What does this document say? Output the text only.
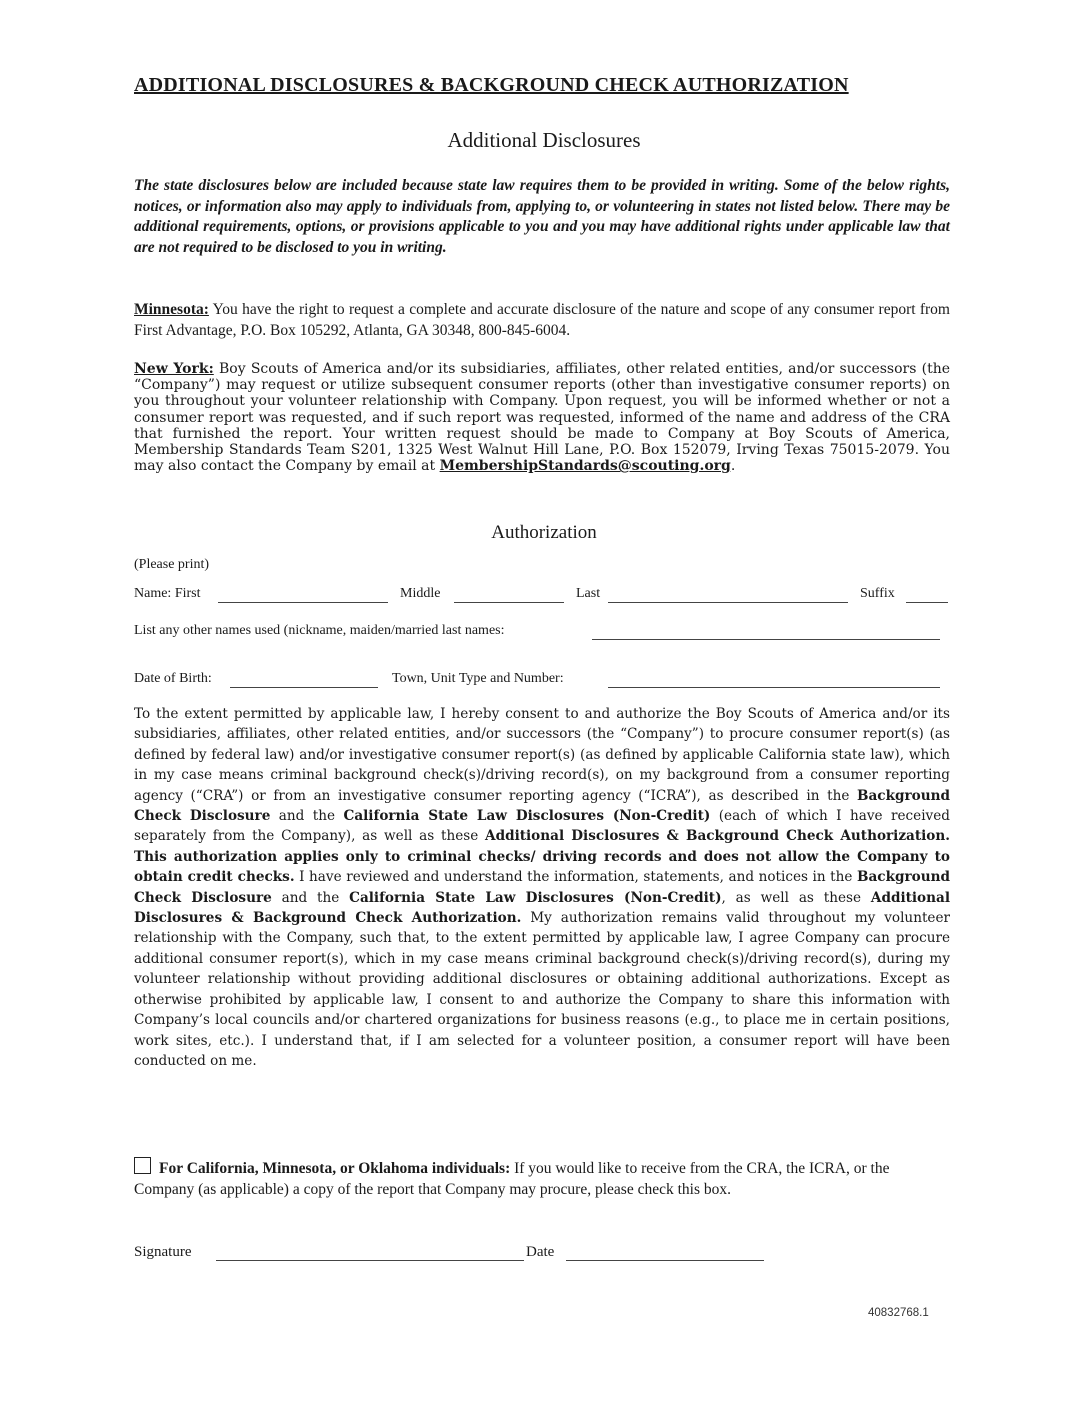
ADDITIONAL DISCLOSURES & BACKGROUND CHECK AUTHORIZATION
Additional Disclosures

The state disclosures below are included because state law requires them to be provided in writing. Some of the below rights, notices, or information also may apply to individuals from, applying to, or volunteering in states not listed below. There may be additional requirements, options, or provisions applicable to you and you may have additional rights under applicable law that are not required to be disclosed to you in writing.

Minnesota: You have the right to request a complete and accurate disclosure of the nature and scope of any consumer report from First Advantage, P.O. Box 105292, Atlanta, GA 30348, 800-845-6004.

New York: Boy Scouts of America and/or its subsidiaries, affiliates, other related entities, and/or successors (the “Company”) may request or utilize subsequent consumer reports (other than investigative consumer reports) on you throughout your volunteer relationship with Company. Upon request, you will be informed whether or not a consumer report was requested, and if such report was requested, informed of the name and address of the CRA that furnished the report. Your written request should be made to Company at Boy Scouts of America, Membership Standards Team S201, 1325 West Walnut Hill Lane, P.O. Box 152079, Irving Texas 75015-2079. You may also contact the Company by email at MembershipStandards@scouting.org.

Authorization
(Please print)
Name: First	Middle	Last	Suffix
List any other names used (nickname, maiden/married last names:
Date of Birth:	Town, Unit Type and Number:

To the extent permitted by applicable law, I hereby consent to and authorize the Boy Scouts of America and/or its subsidiaries, affiliates, other related entities, and/or successors (the “Company”) to procure consumer report(s) (as defined by federal law) and/or investigative consumer report(s) (as defined by applicable California state law), which in my case means criminal background check(s)/driving record(s), on my background from a consumer reporting agency (“CRA”) or from an investigative consumer reporting agency (“ICRA”), as described in the Background Check Disclosure and the California State Law Disclosures (Non-Credit) (each of which I have received separately from the Company), as well as these Additional Disclosures & Background Check Authorization. This authorization applies only to criminal checks/ driving records and does not allow the Company to obtain credit checks. I have reviewed and understand the information, statements, and notices in the Background Check Disclosure and the California State Law Disclosures (Non-Credit), as well as these Additional Disclosures & Background Check Authorization. My authorization remains valid throughout my volunteer relationship with the Company, such that, to the extent permitted by applicable law, I agree Company can procure additional consumer report(s), which in my case means criminal background check(s)/driving record(s), during my volunteer relationship without providing additional disclosures or obtaining additional authorizations. Except as otherwise prohibited by applicable law, I consent to and authorize the Company to share this information with Company’s local councils and/or chartered organizations for business reasons (e.g., to place me in certain positions, work sites, etc.). I understand that, if I am selected for a volunteer position, a consumer report will have been conducted on me.

For California, Minnesota, or Oklahoma individuals: If you would like to receive from the CRA, the ICRA, or the Company (as applicable) a copy of the report that Company may procure, please check this box.

Signature	Date
40832768.1
